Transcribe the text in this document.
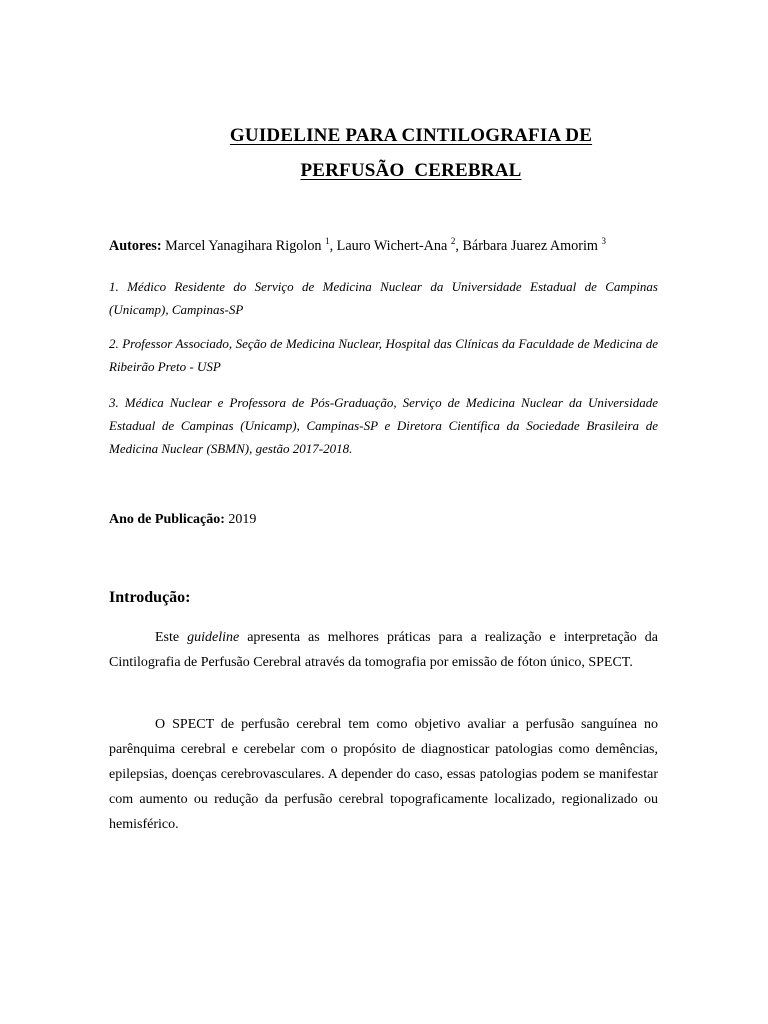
GUIDELINE PARA CINTILOGRAFIA DE
PERFUSÃO  CEREBRAL
Autores: Marcel Yanagihara Rigolon $^1$, Lauro Wichert-Ana $^2$, Bárbara Juarez Amorim $^3$
1. Médico Residente do Serviço de Medicina Nuclear da Universidade Estadual de Campinas (Unicamp), Campinas-SP
2. Professor Associado, Seção de Medicina Nuclear, Hospital das Clínicas da Faculdade de Medicina de Ribeirão Preto - USP
3. Médica Nuclear e Professora de Pós-Graduação, Serviço de Medicina Nuclear da Universidade Estadual de Campinas (Unicamp), Campinas-SP e Diretora Científica da Sociedade Brasileira de Medicina Nuclear (SBMN), gestão 2017-2018.
Ano de Publicação: 2019
Introdução:
Este guideline apresenta as melhores práticas para a realização e interpretação da Cintilografia de Perfusão Cerebral através da tomografia por emissão de fóton único, SPECT.
O SPECT de perfusão cerebral tem como objetivo avaliar a perfusão sanguínea no parênquima cerebral e cerebelar com o propósito de diagnosticar patologias como demências, epilepsias, doenças cerebrovasculares. A depender do caso, essas patologias podem se manifestar com aumento ou redução da perfusão cerebral topograficamente localizado, regionalizado ou hemisférico.
